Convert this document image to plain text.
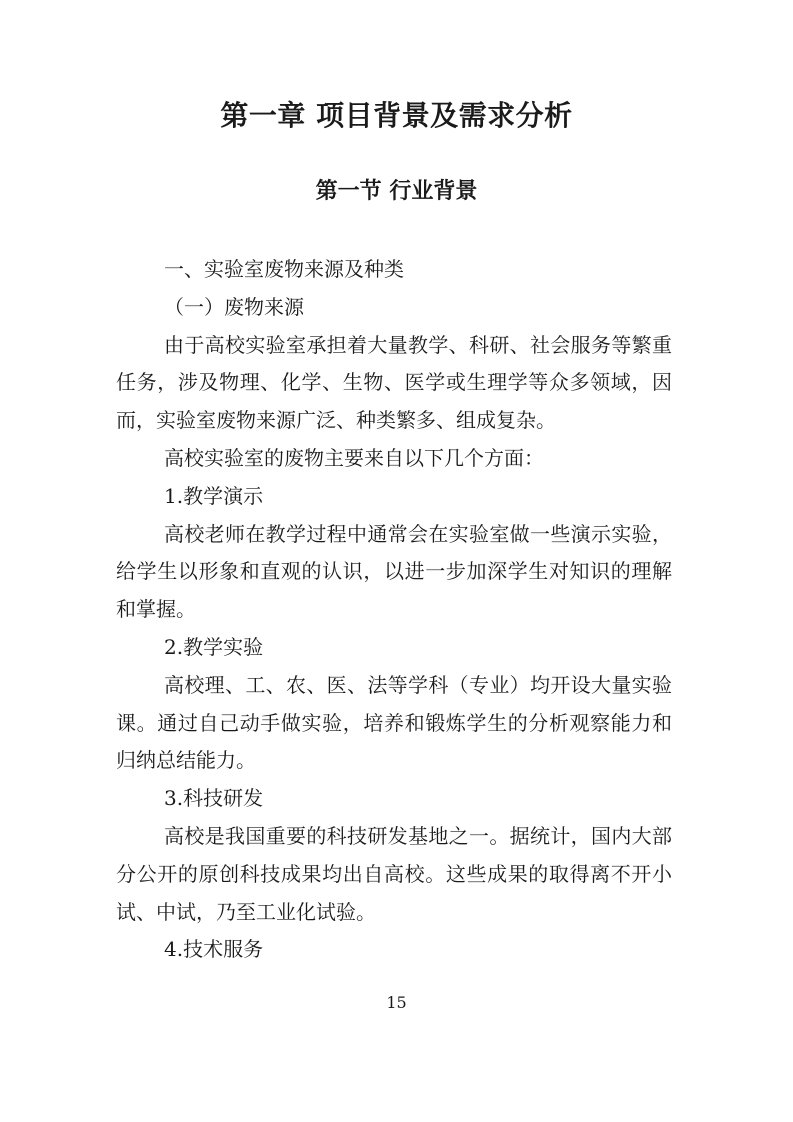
第一章 项目背景及需求分析
第一节 行业背景

一、实验室废物来源及种类

（一）废物来源

由于高校实验室承担着大量教学、科研、社会服务等繁重任务，涉及物理、化学、生物、医学或生理学等众多领域，因而，实验室废物来源广泛、种类繁多、组成复杂。

高校实验室的废物主要来自以下几个方面：

1.教学演示

高校老师在教学过程中通常会在实验室做一些演示实验，给学生以形象和直观的认识，以进一步加深学生对知识的理解和掌握。

2.教学实验

高校理、工、农、医、法等学科（专业）均开设大量实验课。通过自己动手做实验，培养和锻炼学生的分析观察能力和归纳总结能力。

3.科技研发

高校是我国重要的科技研发基地之一。据统计，国内大部分公开的原创科技成果均出自高校。这些成果的取得离不开小试、中试，乃至工业化试验。

4.技术服务

15
